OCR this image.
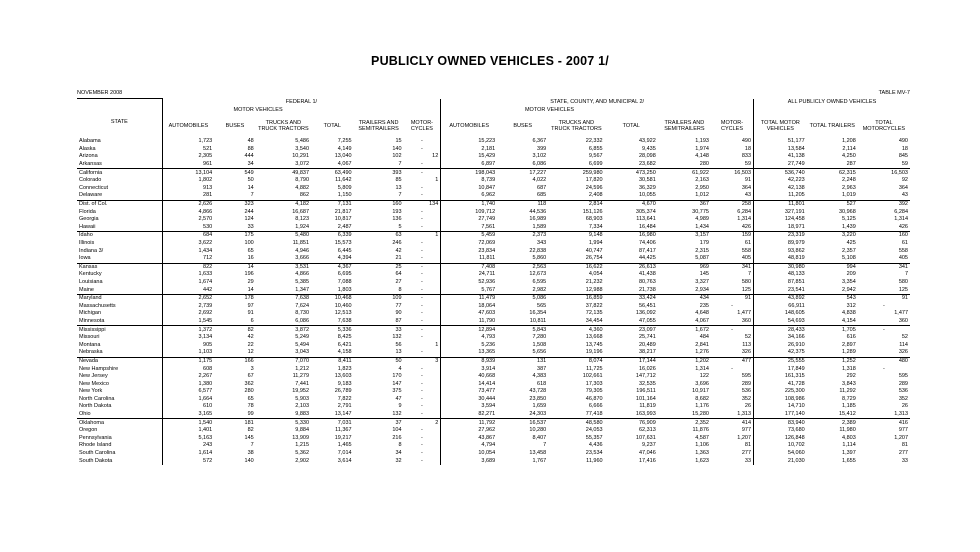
PUBLICLY OWNED VEHICLES - 2007 1/
NOVEMBER 2008	TABLE MV-7
	FEDERAL 1/						STATE, COUNTY, AND MUNICIPAL 2/						ALL PUBLICLY OWNED VEHICLES		
STATE	MOTOR VEHICLES						MOTOR VEHICLES								
	AUTOMOBILES	BUSES	TRUCKS AND TRUCK TRACTORS	TOTAL	TRAILERS AND SEMITRAILERS	MOTOR-CYCLES	AUTOMOBILES	BUSES	TRUCKS AND TRUCK TRACTORS	TOTAL	TRAILERS AND SEMITRAILERS	MOTOR-CYCLES	TOTAL MOTOR VEHICLES	TOTAL TRAILERS	TOTAL MOTORCYCLES
Alabama	1,723	48	5,486	7,255	15	-	15,223	6,367	22,332	43,922	1,193	490	51,177	1,208	490
Alaska	521	88	3,540	4,149	140	-	2,181	399	6,855	9,435	1,974	18	13,584	2,114	18
Arizona	2,305	444	10,291	13,040	102	12	15,429	3,102	9,567	28,098	4,148	833	41,138	4,250	845
Arkansas	961	34	3,072	4,067	7	-	6,897	6,086	6,699	23,682	280	59	27,749	287	59
California	13,104	549	49,837	63,490	393	-	198,043	17,227	259,980	473,250	61,922	16,503	536,740	62,315	16,503
Colorado	1,802	50	8,790	11,642	85	1	8,739	4,022	17,820	30,581	2,163	91	42,223	2,248	92
Connecticut	913	14	4,882	5,809	13	-	10,847	687	24,596	36,329	2,950	364	42,138	2,963	364
Delaware	281	7	862	1,150	7	-	6,962	685	2,408	10,055	1,012	43	11,205	1,019	43
Dist. of Col.	2,626	323	4,182	7,131	160	134	1,740	118	2,814	4,670	367	258	11,801	527	392
Florida	4,866	244	16,687	21,817	193	-	109,712	44,536	151,126	305,374	30,775	6,284	327,191	30,968	6,284
Georgia	2,570	124	8,123	10,817	136	-	27,749	16,989	68,903	113,641	4,989	1,314	124,458	5,125	1,314
Hawaii	530	33	1,924	2,487	5	-	7,561	1,589	7,334	16,484	1,434	426	18,971	1,439	426
Idaho	684	175	5,480	6,339	63	1	5,459	2,373	9,148	16,980	3,157	159	23,319	3,220	160
Illinois	3,622	100	11,851	15,573	246	-	72,069	343	1,994	74,406	179	61	89,979	425	61
Indiana 3/	1,434	65	4,946	6,445	42	-	23,834	22,838	40,747	87,417	2,315	558	93,862	2,357	558
Iowa	712	16	3,666	4,394	21	-	11,811	5,860	26,754	44,425	5,087	405	48,819	5,108	405
Kansas	822	14	3,531	4,367	25	-	7,408	2,563	16,622	26,613	969	341	30,980	994	341
Kentucky	1,633	196	4,866	6,695	64	-	24,711	12,673	4,054	41,438	145	7	48,133	209	7
Louisiana	1,674	29	5,385	7,088	27	-	52,936	6,595	21,232	80,763	3,327	580	87,851	3,354	580
Maine	442	14	1,347	1,803	8	-	5,767	2,982	12,988	21,738	2,934	125	23,541	2,942	125
Maryland	2,652	178	7,638	10,468	109	-	11,479	5,086	16,859	33,424	434	91	43,892	543	91
Massachusetts	2,739	97	7,624	10,460	77	-	18,064	565	37,822	56,451	235	-	66,911	312	-
Michigan	2,692	91	8,730	12,513	90	-	47,603	16,354	72,135	136,092	4,648	1,477	148,605	4,838	1,477
Minnesota	1,545	6	6,086	7,638	87	-	11,790	10,811	34,454	47,055	4,067	360	54,693	4,154	360
Mississippi	1,372	82	3,872	5,336	33	-	12,894	5,843	4,360	23,097	1,672	-	28,433	1,705	-
Missouri	3,134	42	5,249	8,425	132	-	4,793	7,280	13,668	25,741	484	52	34,166	616	52
Montana	905	22	5,494	6,421	56	1	5,236	1,508	13,745	20,489	2,841	113	26,910	2,897	114
Nebraska	1,103	12	3,043	4,158	13	-	13,365	5,656	19,196	38,217	1,276	326	42,375	1,289	326
Nevada	1,175	166	7,070	8,411	50	3	8,939	131	8,074	17,144	1,202	477	25,555	1,252	480
New Hampshire	608	3	1,212	1,823	4	-	3,914	387	11,725	16,026	1,314	-	17,849	1,318	-
New Jersey	2,267	67	11,279	13,603	170	-	40,668	4,383	102,661	147,712	122	595	161,315	292	595
New Mexico	1,380	362	7,441	9,183	147	-	14,414	618	17,303	32,535	3,696	289	41,728	3,843	289
New York	6,577	280	19,952	26,789	375	-	73,477	43,728	79,305	196,511	10,917	536	225,300	11,292	536
North Carolina	1,664	65	5,903	7,822	47	-	30,444	23,850	46,870	101,164	8,682	352	108,986	8,729	352
North Dakota	610	78	2,103	2,791	9	-	3,594	1,659	6,666	11,819	1,176	26	14,710	1,185	26
Ohio	3,165	99	9,883	13,147	132	-	82,271	24,303	77,418	163,993	15,280	1,313	177,140	15,412	1,313
Oklahoma	1,540	181	5,330	7,031	37	2	11,792	16,537	48,580	76,909	2,352	414	83,940	2,389	416
Oregon	1,401	82	9,884	11,367	104	-	27,962	10,280	24,053	62,313	11,876	977	73,680	11,980	977
Pennsylvania	5,163	145	13,909	19,217	216	-	43,867	8,407	55,357	107,631	4,587	1,207	126,848	4,803	1,207
Rhode Island	243	7	1,215	1,465	8	-	4,794	7	4,436	9,237	1,106	81	10,702	1,114	81
South Carolina	1,614	38	5,362	7,014	34	-	10,054	13,458	23,534	47,046	1,363	277	54,060	1,397	277
South Dakota	572	140	2,902	3,614	32	-	3,689	1,767	11,960	17,416	1,623	33	21,030	1,655	33
